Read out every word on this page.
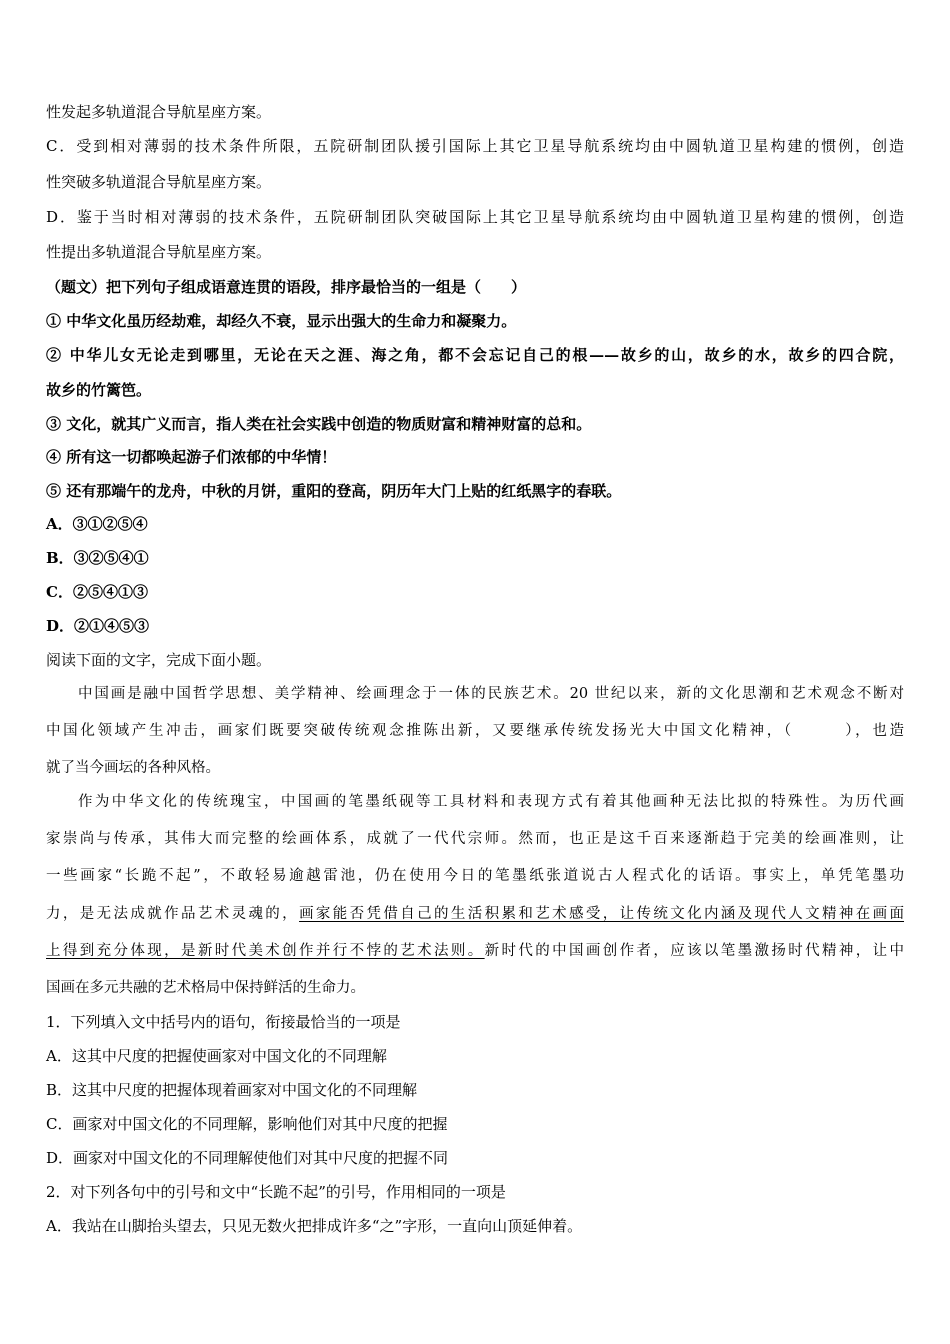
性发起多轨道混合导航星座方案。
C．受到相对薄弱的技术条件所限，五院研制团队援引国际上其它卫星导航系统均由中圆轨道卫星构建的惯例，创造
性突破多轨道混合导航星座方案。
D．鉴于当时相对薄弱的技术条件，五院研制团队突破国际上其它卫星导航系统均由中圆轨道卫星构建的惯例，创造
性提出多轨道混合导航星座方案。
（题文）把下列句子组成语意连贯的语段，排序最恰当的一组是（　　）
① 中华文化虽历经劫难，却经久不衰，显示出强大的生命力和凝聚力。
② 中华儿女无论走到哪里，无论在天之涯、海之角，都不会忘记自己的根——故乡的山，故乡的水，故乡的四合院，
故乡的竹篱笆。
③ 文化，就其广义而言，指人类在社会实践中创造的物质财富和精神财富的总和。
④ 所有这一切都唤起游子们浓郁的中华情！
⑤ 还有那端午的龙舟，中秋的月饼，重阳的登高，阴历年大门上贴的红纸黑字的春联。
A．③①②⑤④
B．③②⑤④①
C．②⑤④①③
D．②①④⑤③
阅读下面的文字，完成下面小题。
中国画是融中国哲学思想、美学精神、绘画理念于一体的民族艺术。20 世纪以来，新的文化思潮和艺术观念不断对
中国化领域产生冲击，画家们既要突破传统观念推陈出新，又要继承传统发扬光大中国文化精神，（　　　），也造
就了当今画坛的各种风格。
作为中华文化的传统瑰宝，中国画的笔墨纸砚等工具材料和表现方式有着其他画种无法比拟的特殊性。为历代画
家崇尚与传承，其伟大而完整的绘画体系，成就了一代代宗师。然而，也正是这千百来逐渐趋于完美的绘画准则，让
一些画家“长跪不起”，不敢轻易逾越雷池，仍在使用今日的笔墨纸张道说古人程式化的话语。事实上，单凭笔墨功
力，是无法成就作品艺术灵魂的，画家能否凭借自己的生活积累和艺术感受，让传统文化内涵及现代人文精神在画面
上得到充分体现，是新时代美术创作并行不悖的艺术法则。新时代的中国画创作者，应该以笔墨激扬时代精神，让中
国画在多元共融的艺术格局中保持鲜活的生命力。
1．下列填入文中括号内的语句，衔接最恰当的一项是
A．这其中尺度的把握使画家对中国文化的不同理解
B．这其中尺度的把握体现着画家对中国文化的不同理解
C．画家对中国文化的不同理解，影响他们对其中尺度的把握
D．画家对中国文化的不同理解使他们对其中尺度的把握不同
2．对下列各句中的引号和文中“长跪不起”的引号，作用相同的一项是
A．我站在山脚抬头望去，只见无数火把排成许多“之”字形，一直向山顶延伸着。
